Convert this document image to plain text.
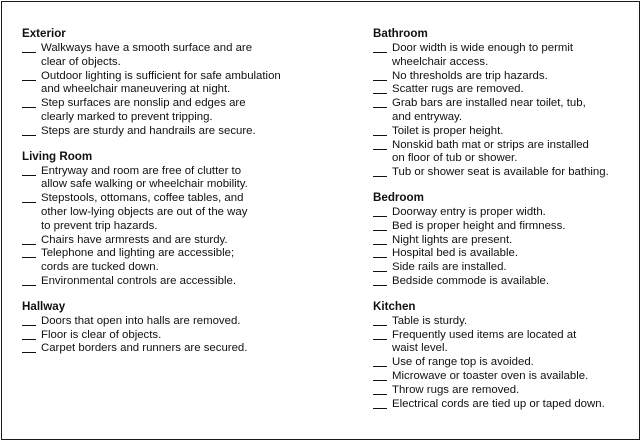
Exterior
Walkways have a smooth surface and are
clear of objects.
Outdoor lighting is sufficient for safe ambulation
and wheelchair maneuvering at night.
Step surfaces are nonslip and edges are
clearly marked to prevent tripping.
Steps are sturdy and handrails are secure.
Living Room
Entryway and room are free of clutter to
allow safe walking or wheelchair mobility.
Stepstools, ottomans, coffee tables, and
other low-lying objects are out of the way
to prevent trip hazards.
Chairs have armrests and are sturdy.
Telephone and lighting are accessible;
cords are tucked down.
Environmental controls are accessible.
Hallway
Doors that open into halls are removed.
Floor is clear of objects.
Carpet borders and runners are secured.
Bathroom
Door width is wide enough to permit
wheelchair access.
No thresholds are trip hazards.
Scatter rugs are removed.
Grab bars are installed near toilet, tub,
and entryway.
Toilet is proper height.
Nonskid bath mat or strips are installed
on floor of tub or shower.
Tub or shower seat is available for bathing.
Bedroom
Doorway entry is proper width.
Bed is proper height and firmness.
Night lights are present.
Hospital bed is available.
Side rails are installed.
Bedside commode is available.
Kitchen
Table is sturdy.
Frequently used items are located at
waist level.
Use of range top is avoided.
Microwave or toaster oven is available.
Throw rugs are removed.
Electrical cords are tied up or taped down.
